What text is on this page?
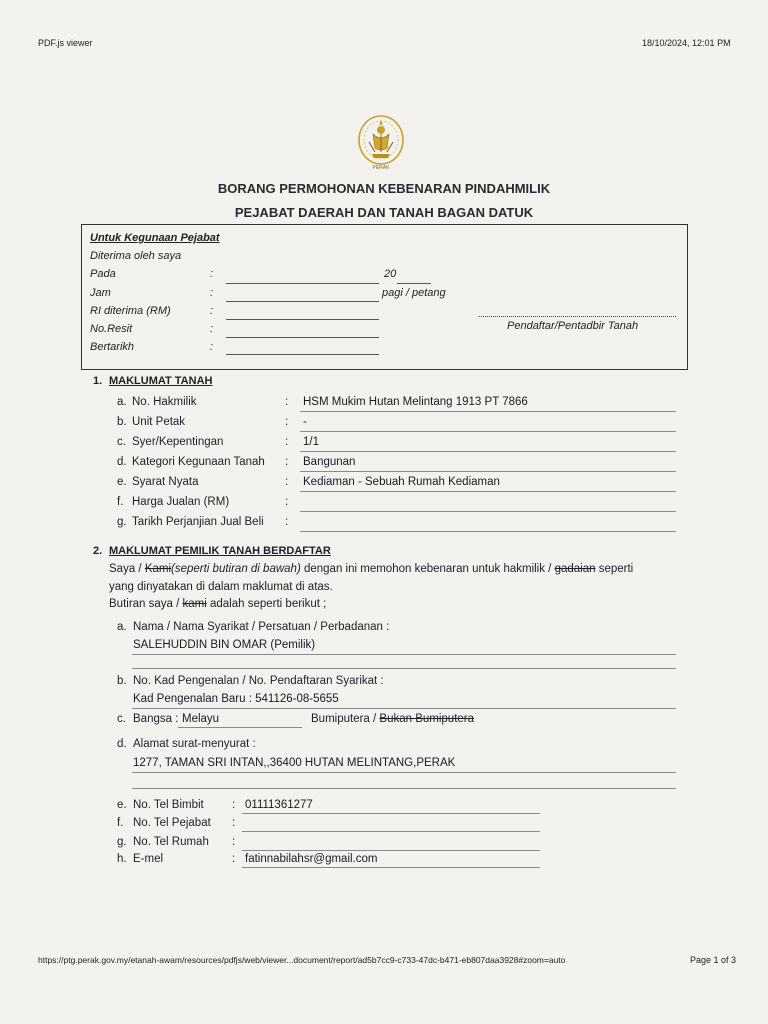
PDF.js viewer	18/10/2024, 12:01 PM
PERAK
BORANG PERMOHONAN KEBENARAN PINDAHMILIK
PEJABAT DAERAH DAN TANAH BAGAN DATUK
Untuk Kegunaan Pejabat
Diterima oleh saya
Pada	:	20
Jam	:	pagi / petang
RI diterima (RM)	:
No.Resit	:
Bertarikh	:
Pendaftar/Pentadbir Tanah
1. MAKLUMAT TANAH
a. No. Hakmilik	: HSM Mukim Hutan Melintang 1913 PT 7866
b. Unit Petak	: -
c. Syer/Kepentingan	: 1/1
d. Kategori Kegunaan Tanah : Bangunan
e. Syarat Nyata	: Kediaman - Sebuah Rumah Kediaman
f. Harga Jualan (RM)	:
g. Tarikh Perjanjian Jual Beli :
2. MAKLUMAT PEMILIK TANAH BERDAFTAR
Saya / Kami(seperti butiran di bawah) dengan ini memohon kebenaran untuk hakmilik / gadaian seperti
yang dinyatakan di dalam maklumat di atas.
Butiran saya / kami adalah seperti berikut ;
a. Nama / Nama Syarikat / Persatuan / Perbadanan :
SALEHUDDIN BIN OMAR (Pemilik)
b. No. Kad Pengenalan / No. Pendaftaran Syarikat :
Kad Pengenalan Baru : 541126-08-5655
c. Bangsa : Melayu	Bumiputera / Bukan Bumiputera
d. Alamat surat-menyurat :
1277, TAMAN SRI INTAN,,36400 HUTAN MELINTANG,PERAK
e. No. Tel Bimbit : 01111361277
f. No. Tel Pejabat :
g. No. Tel Rumah :
h. E-mel	: fatinnabilahsr@gmail.com
https://ptg.perak.gov.my/etanah-awam/resources/pdfjs/web/viewer...document/report/ad5b7cc9-c733-47dc-b471-eb807daa3928#zoom=auto	Page 1 of 3
